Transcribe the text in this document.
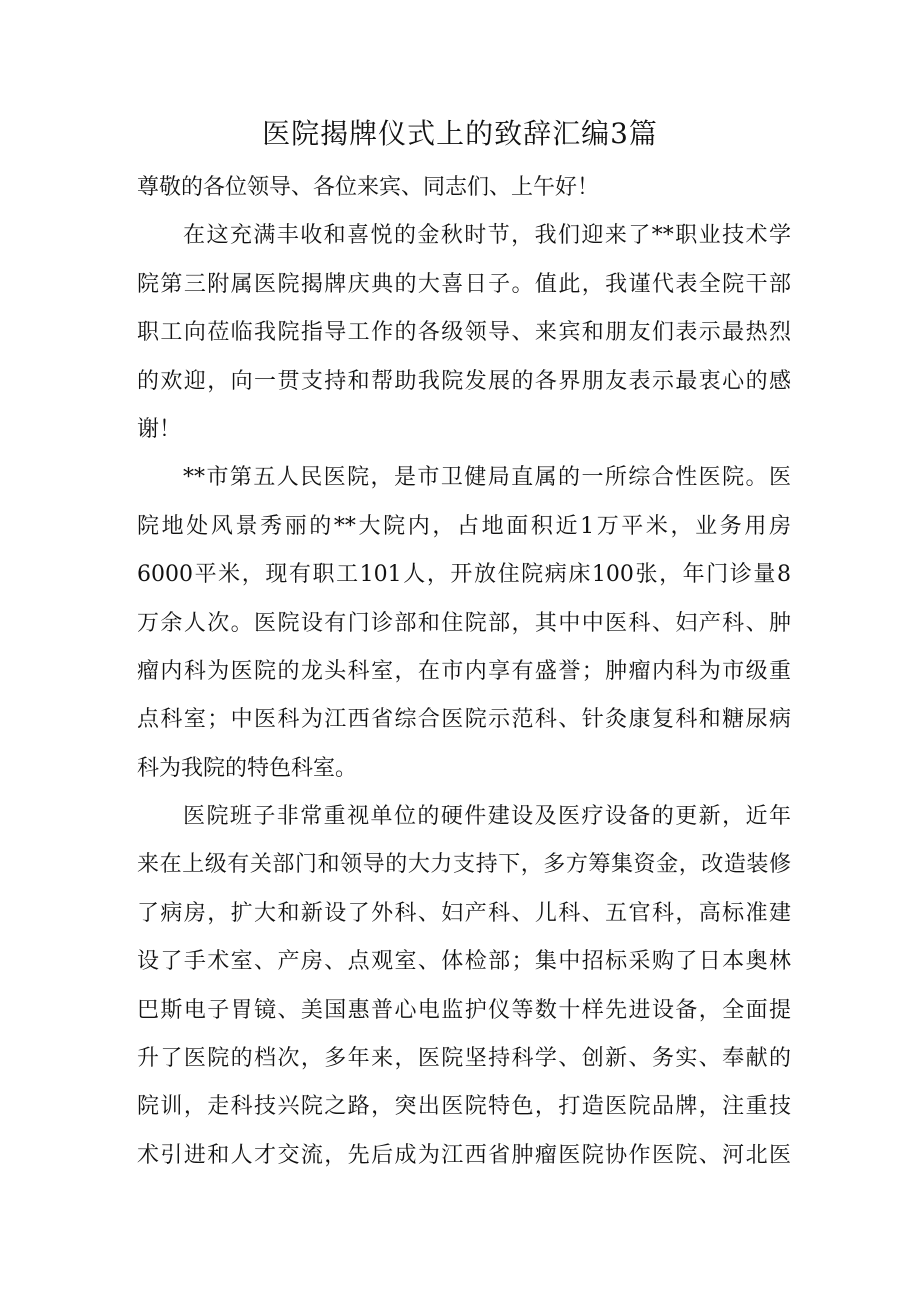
医院揭牌仪式上的致辞汇编3篇

尊敬的各位领导、各位来宾、同志们、上午好！

在这充满丰收和喜悦的金秋时节，我们迎来了**职业技术学

院第三附属医院揭牌庆典的大喜日子。值此，我谨代表全院干部

职工向莅临我院指导工作的各级领导、来宾和朋友们表示最热烈

的欢迎，向一贯支持和帮助我院发展的各界朋友表示最衷心的感

谢！

**市第五人民医院，是市卫健局直属的一所综合性医院。医

院地处风景秀丽的**大院内，占地面积近1万平米，业务用房

6000平米，现有职工101人，开放住院病床100张，年门诊量8

万余人次。医院设有门诊部和住院部，其中中医科、妇产科、肿

瘤内科为医院的龙头科室，在市内享有盛誉；肿瘤内科为市级重

点科室；中医科为江西省综合医院示范科、针灸康复科和糖尿病

科为我院的特色科室。

医院班子非常重视单位的硬件建设及医疗设备的更新，近年

来在上级有关部门和领导的大力支持下，多方筹集资金，改造装修

了病房，扩大和新设了外科、妇产科、儿科、五官科，高标准建

设了手术室、产房、点观室、体检部；集中招标采购了日本奥林

巴斯电子胃镜、美国惠普心电监护仪等数十样先进设备，全面提

升了医院的档次，多年来，医院坚持科学、创新、务实、奉献的

院训，走科技兴院之路，突出医院特色，打造医院品牌，注重技

术引进和人才交流，先后成为江西省肿瘤医院协作医院、河北医
